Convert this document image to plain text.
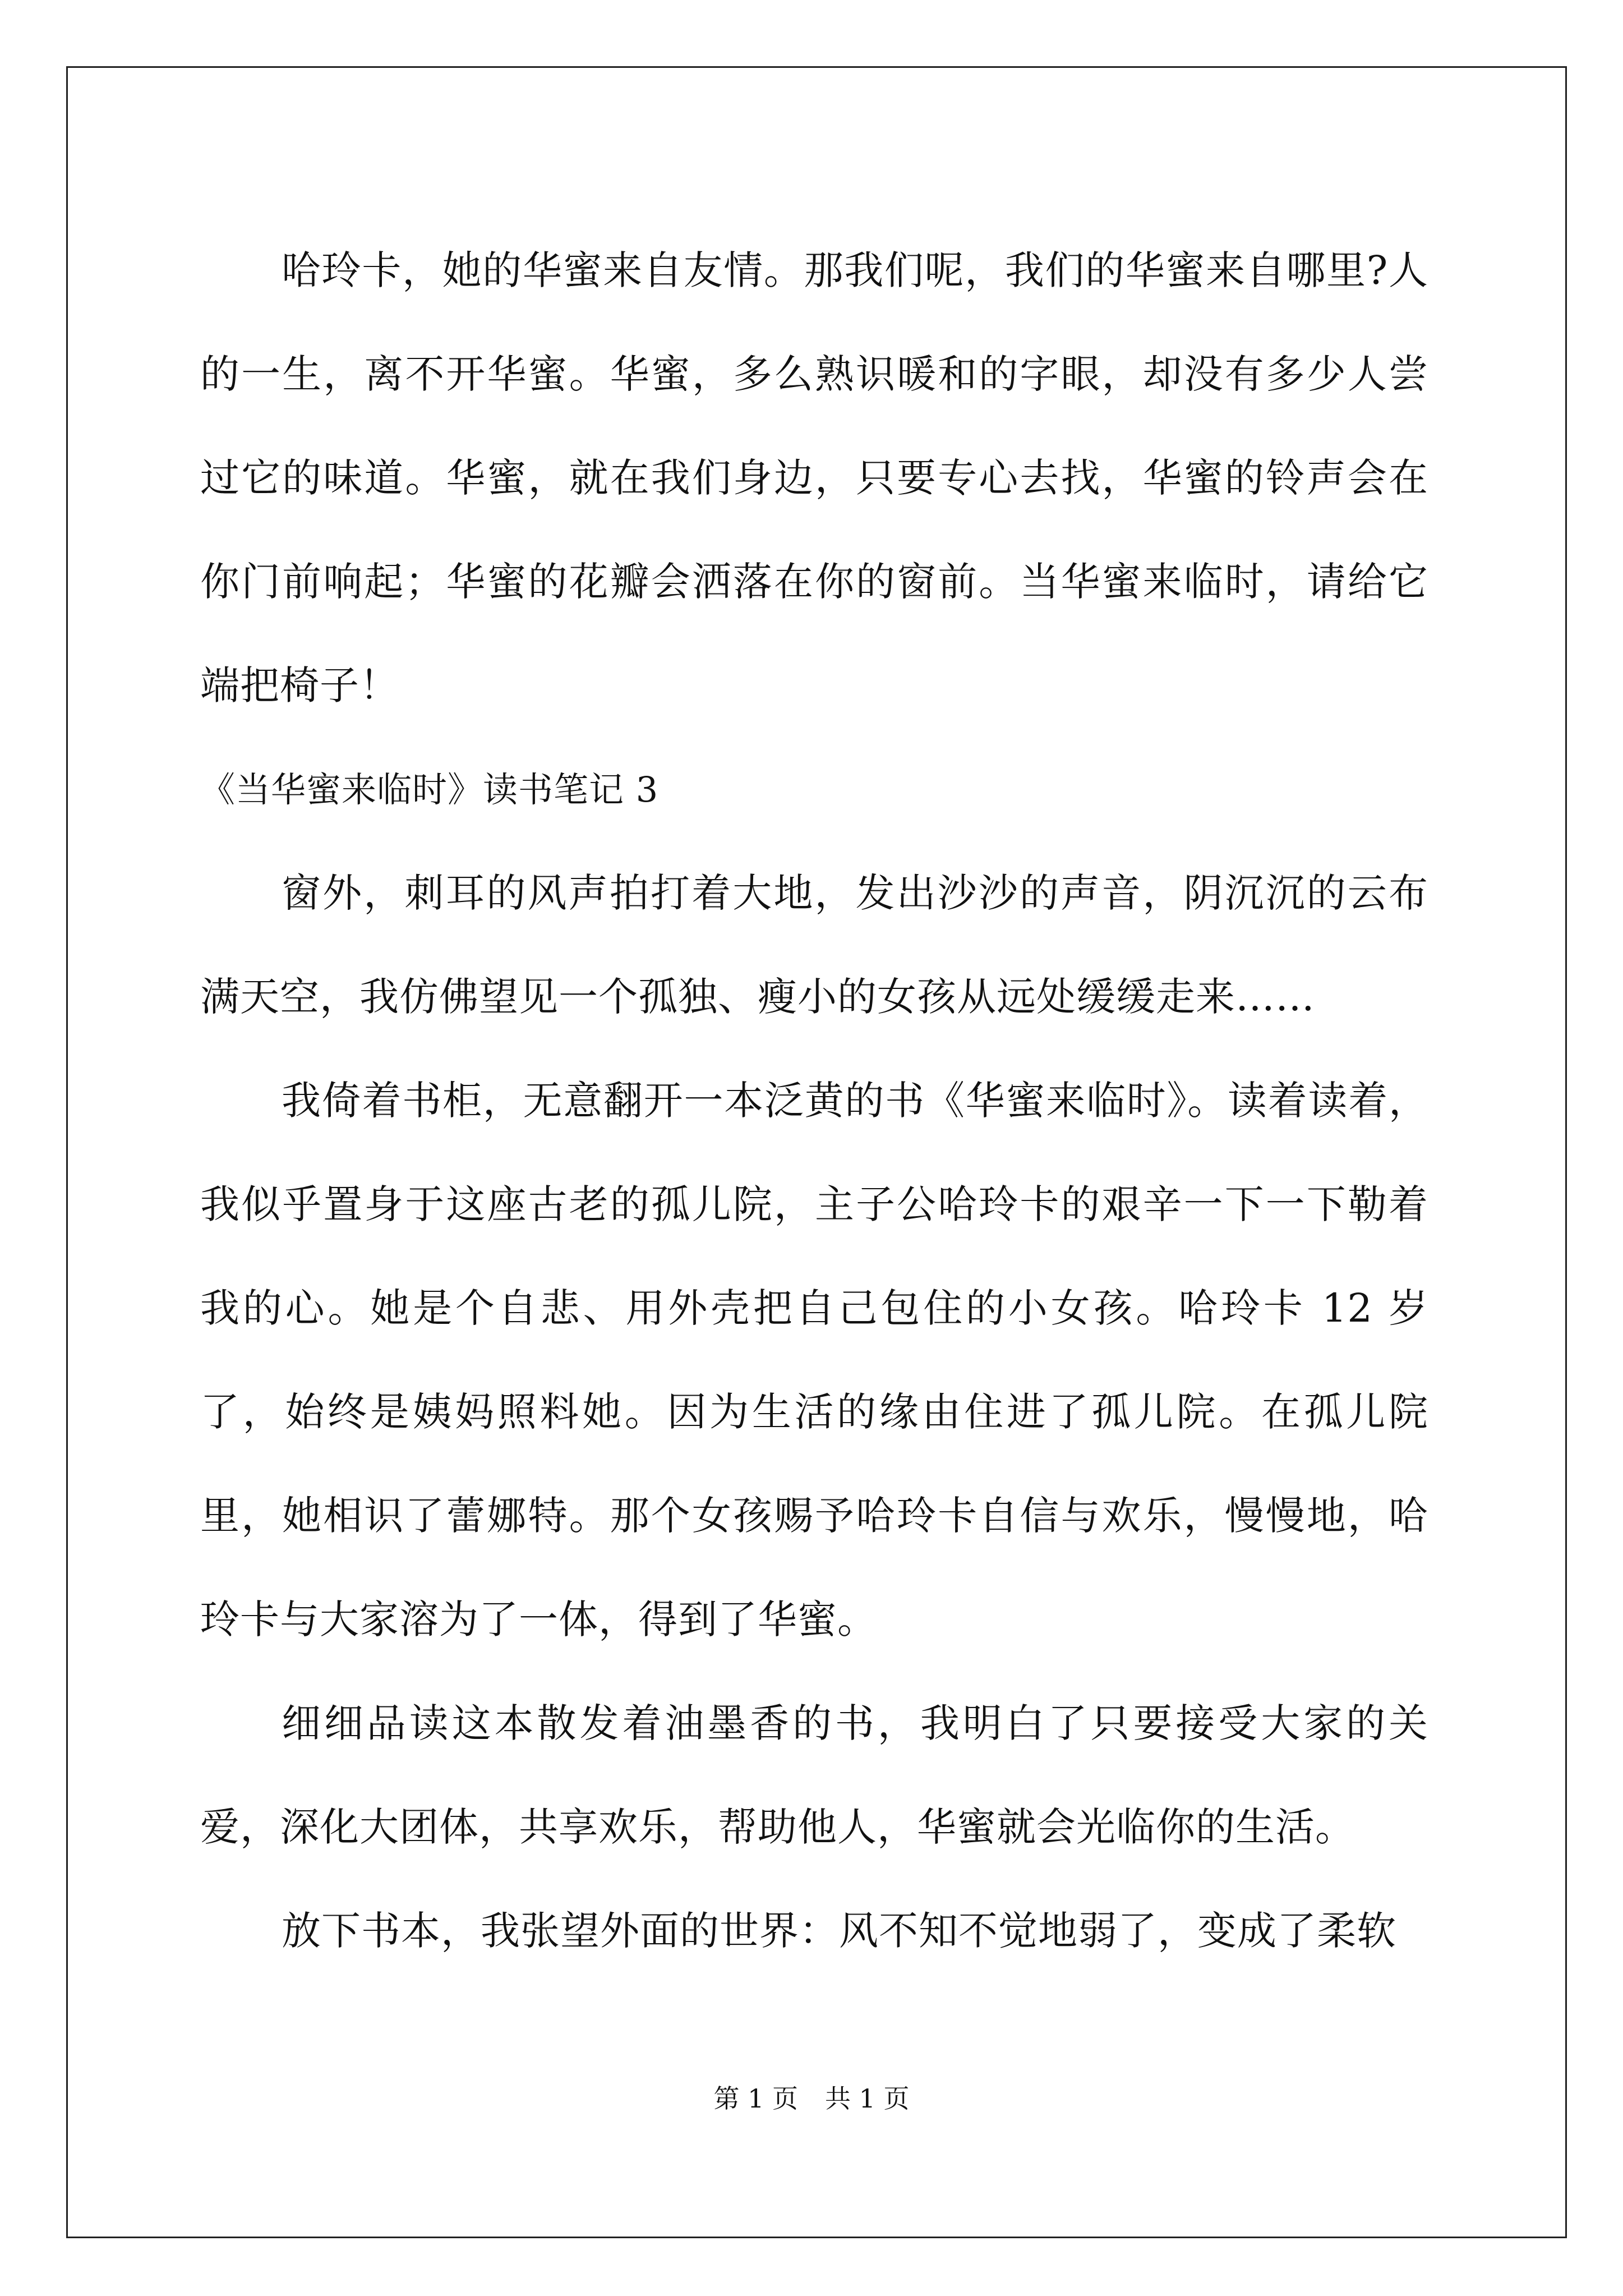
哈玲卡，她的华蜜来自友情。那我们呢，我们的华蜜来自哪里?人的一生，离不开华蜜。华蜜，多么熟识暖和的字眼，却没有多少人尝过它的味道。华蜜，就在我们身边，只要专心去找，华蜜的铃声会在你门前响起；华蜜的花瓣会洒落在你的窗前。当华蜜来临时，请给它端把椅子！

《当华蜜来临时》读书笔记 3

窗外，刺耳的风声拍打着大地，发出沙沙的声音，阴沉沉的云布满天空，我仿佛望见一个孤独、瘦小的女孩从远处缓缓走来……

我倚着书柜，无意翻开一本泛黄的书《华蜜来临时》。读着读着，我似乎置身于这座古老的孤儿院，主子公哈玲卡的艰辛一下一下勒着我的心。她是个自悲、用外壳把自己包住的小女孩。哈玲卡 12 岁了，始终是姨妈照料她。因为生活的缘由住进了孤儿院。在孤儿院里，她相识了蕾娜特。那个女孩赐予哈玲卡自信与欢乐，慢慢地，哈玲卡与大家溶为了一体，得到了华蜜。

细细品读这本散发着油墨香的书，我明白了只要接受大家的关爱，深化大团体，共享欢乐，帮助他人，华蜜就会光临你的生活。

放下书本，我张望外面的世界：风不知不觉地弱了，变成了柔软

第 1 页 共 1 页
